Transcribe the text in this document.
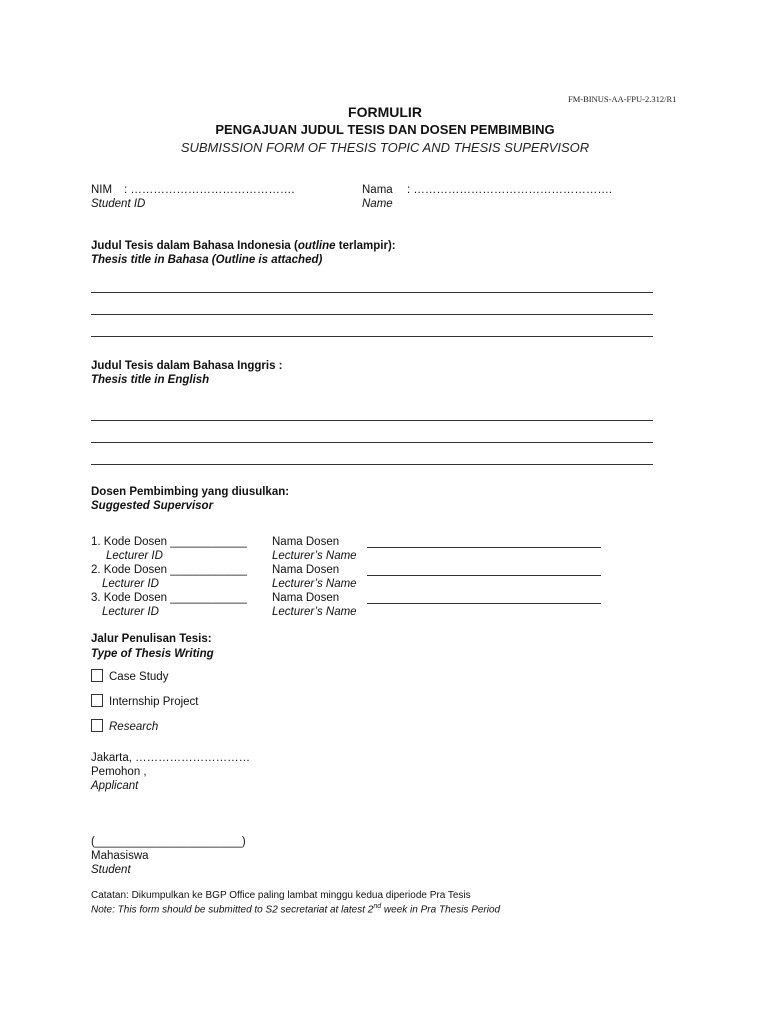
FM-BINUS-AA-FPU-2.312/R1
FORMULIR
PENGAJUAN JUDUL TESIS DAN DOSEN PEMBIMBING
SUBMISSION FORM OF THESIS TOPIC AND THESIS SUPERVISOR
NIM : …………………………………….
Student ID
Nama : …………………………………………….
Name
Judul Tesis dalam Bahasa Indonesia (outline terlampir):
Thesis title in Bahasa (Outline is attached)
Judul Tesis dalam Bahasa Inggris :
Thesis title in English
Dosen Pembimbing yang diusulkan:
Suggested Supervisor
1. Kode Dosen ____________
Lecturer ID
Nama Dosen
Lecturer’s Name
2. Kode Dosen ____________
Lecturer ID
Nama Dosen
Lecturer’s Name
3. Kode Dosen ____________
Lecturer ID
Nama Dosen
Lecturer’s Name
Jalur Penulisan Tesis:
Type of Thesis Writing
Case Study
Internship Project
Research
Jakarta, …………………………
Pemohon ,
Applicant
(_______________________)
Mahasiswa
Student
Catatan: Dikumpulkan ke BGP Office paling lambat minggu kedua diperiode Pra Tesis
Note: This form should be submitted to S2 secretariat at latest 2nd week in Pra Thesis Period
